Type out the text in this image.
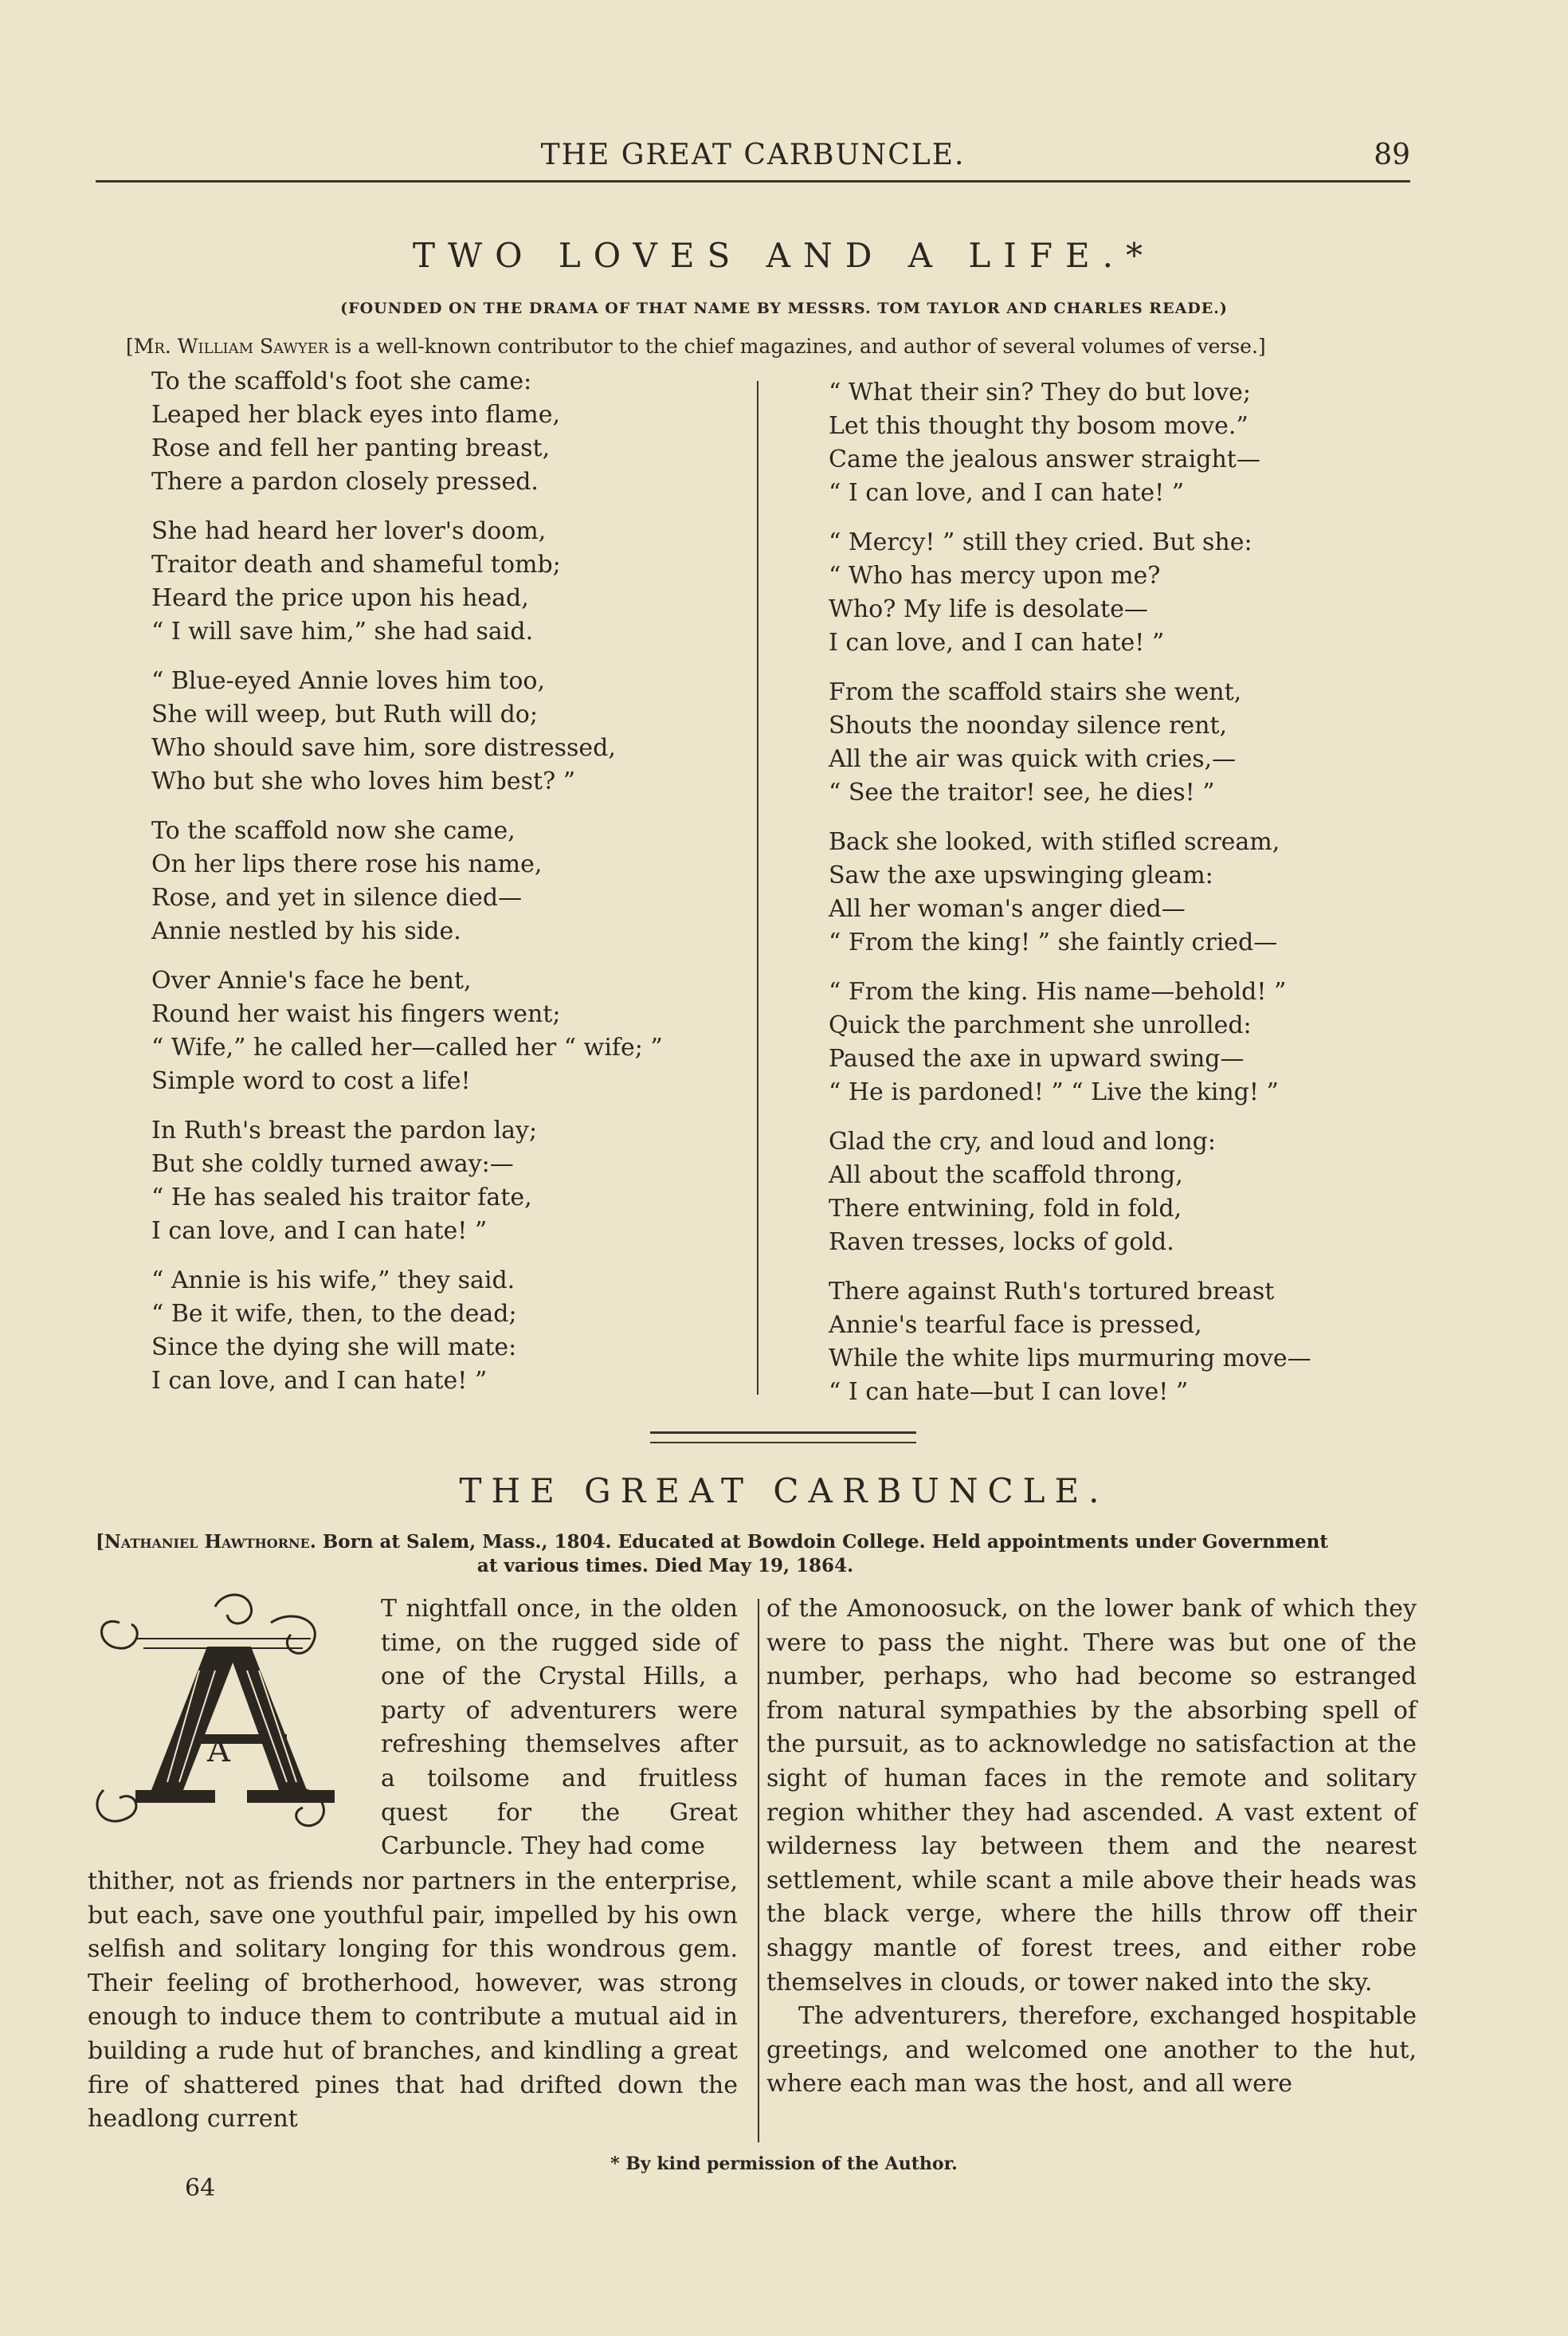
THE GREAT CARBUNCLE.	89
TWO LOVES AND A LIFE.*
(FOUNDED ON THE DRAMA OF THAT NAME BY MESSRS. TOM TAYLOR AND CHARLES READE.)
[Mr. William Sawyer is a well-known contributor to the chief magazines, and author of several volumes of verse.]
To the scaffold's foot she came:
Leaped her black eyes into flame,
Rose and fell her panting breast,
There a pardon closely pressed.
She had heard her lover's doom,
Traitor death and shameful tomb;
Heard the price upon his head,
“ I will save him,” she had said.
“ Blue-eyed Annie loves him too,
She will weep, but Ruth will do;
Who should save him, sore distressed,
Who but she who loves him best? ”
To the scaffold now she came,
On her lips there rose his name,
Rose, and yet in silence died—
Annie nestled by his side.
Over Annie's face he bent,
Round her waist his fingers went;
“ Wife,” he called her—called her “ wife; ”
Simple word to cost a life!
In Ruth's breast the pardon lay;
But she coldly turned away:—
“ He has sealed his traitor fate,
I can love, and I can hate! ”
“ Annie is his wife,” they said.
“ Be it wife, then, to the dead;
Since the dying she will mate:
I can love, and I can hate! ”
“ What their sin? They do but love;
Let this thought thy bosom move.”
Came the jealous answer straight—
“ I can love, and I can hate! ”
“ Mercy! ” still they cried. But she:
“ Who has mercy upon me?
Who? My life is desolate—
I can love, and I can hate! ”
From the scaffold stairs she went,
Shouts the noonday silence rent,
All the air was quick with cries,—
“ See the traitor! see, he dies! ”
Back she looked, with stifled scream,
Saw the axe upswinging gleam:
All her woman's anger died—
“ From the king! ” she faintly cried—
“ From the king. His name—behold! ”
Quick the parchment she unrolled:
Paused the axe in upward swing—
“ He is pardoned! ” “ Live the king! ”
Glad the cry, and loud and long:
All about the scaffold throng,
There entwining, fold in fold,
Raven tresses, locks of gold.
There against Ruth's tortured breast
Annie's tearful face is pressed,
While the white lips murmuring move—
“ I can hate—but I can love! ”
THE GREAT CARBUNCLE.
[Nathaniel Hawthorne. Born at Salem, Mass., 1804. Educated at Bowdoin College. Held appointments under Government
at various times. Died May 19, 1864.
A

T nightfall once, in the olden time, on the rugged side of one of the Crystal Hills, a party of adventurers were refreshing themselves after a toilsome and fruitless quest for the Great Carbuncle. They had come

thither, not as friends nor partners in the enterprise, but each, save one youthful pair, impelled by his own selfish and solitary longing for this wondrous gem. Their feeling of brotherhood, however, was strong enough to induce them to contribute a mutual aid in building a rude hut of branches, and kindling a great fire of shattered pines that had drifted down the headlong current

of the Amonoosuck, on the lower bank of which they were to pass the night. There was but one of the number, perhaps, who had become so estranged from natural sympathies by the absorbing spell of the pursuit, as to acknowledge no satisfaction at the sight of human faces in the remote and solitary region whither they had ascended. A vast extent of wilderness lay between them and the nearest settlement, while scant a mile above their heads was the black verge, where the hills throw off their shaggy mantle of forest trees, and either robe themselves in clouds, or tower naked into the sky.

The adventurers, therefore, exchanged hospitable greetings, and welcomed one another to the hut, where each man was the host, and all were

* By kind permission of the Author.
64
